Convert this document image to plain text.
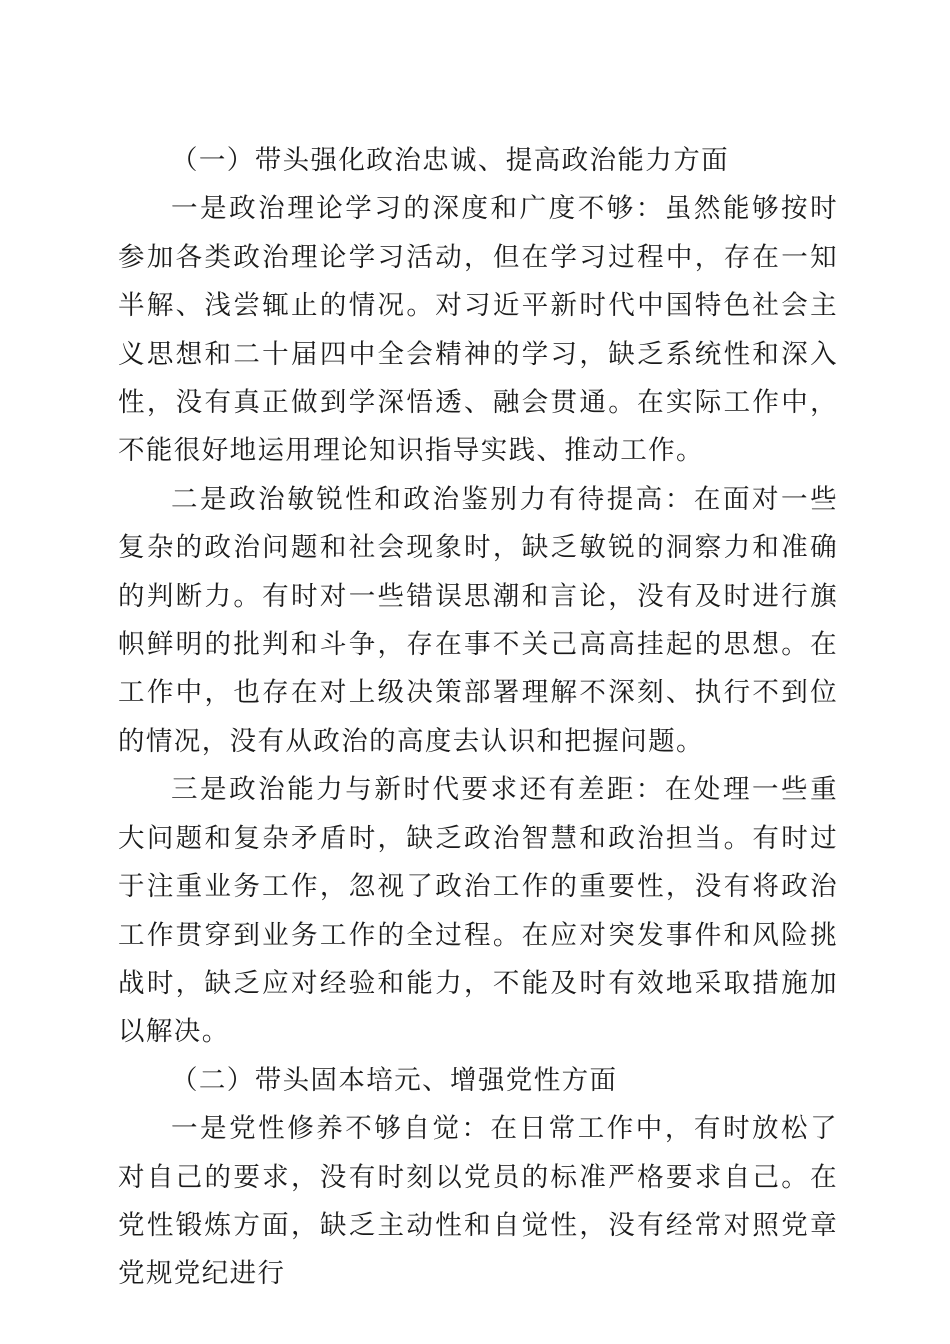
（一）带头强化政治忠诚、提高政治能力方面

一是政治理论学习的深度和广度不够：虽然能够按时参加各类政治理论学习活动，但在学习过程中，存在一知半解、浅尝辄止的情况。对习近平新时代中国特色社会主义思想和二十届四中全会精神的学习，缺乏系统性和深入性，没有真正做到学深悟透、融会贯通。在实际工作中，不能很好地运用理论知识指导实践、推动工作。

二是政治敏锐性和政治鉴别力有待提高：在面对一些复杂的政治问题和社会现象时，缺乏敏锐的洞察力和准确的判断力。有时对一些错误思潮和言论，没有及时进行旗帜鲜明的批判和斗争，存在事不关己高高挂起的思想。在工作中，也存在对上级决策部署理解不深刻、执行不到位的情况，没有从政治的高度去认识和把握问题。

三是政治能力与新时代要求还有差距：在处理一些重大问题和复杂矛盾时，缺乏政治智慧和政治担当。有时过于注重业务工作，忽视了政治工作的重要性，没有将政治工作贯穿到业务工作的全过程。在应对突发事件和风险挑战时，缺乏应对经验和能力，不能及时有效地采取措施加以解决。

（二）带头固本培元、增强党性方面

一是党性修养不够自觉：在日常工作中，有时放松了对自己的要求，没有时刻以党员的标准严格要求自己。在党性锻炼方面，缺乏主动性和自觉性，没有经常对照党章党规党纪进行
